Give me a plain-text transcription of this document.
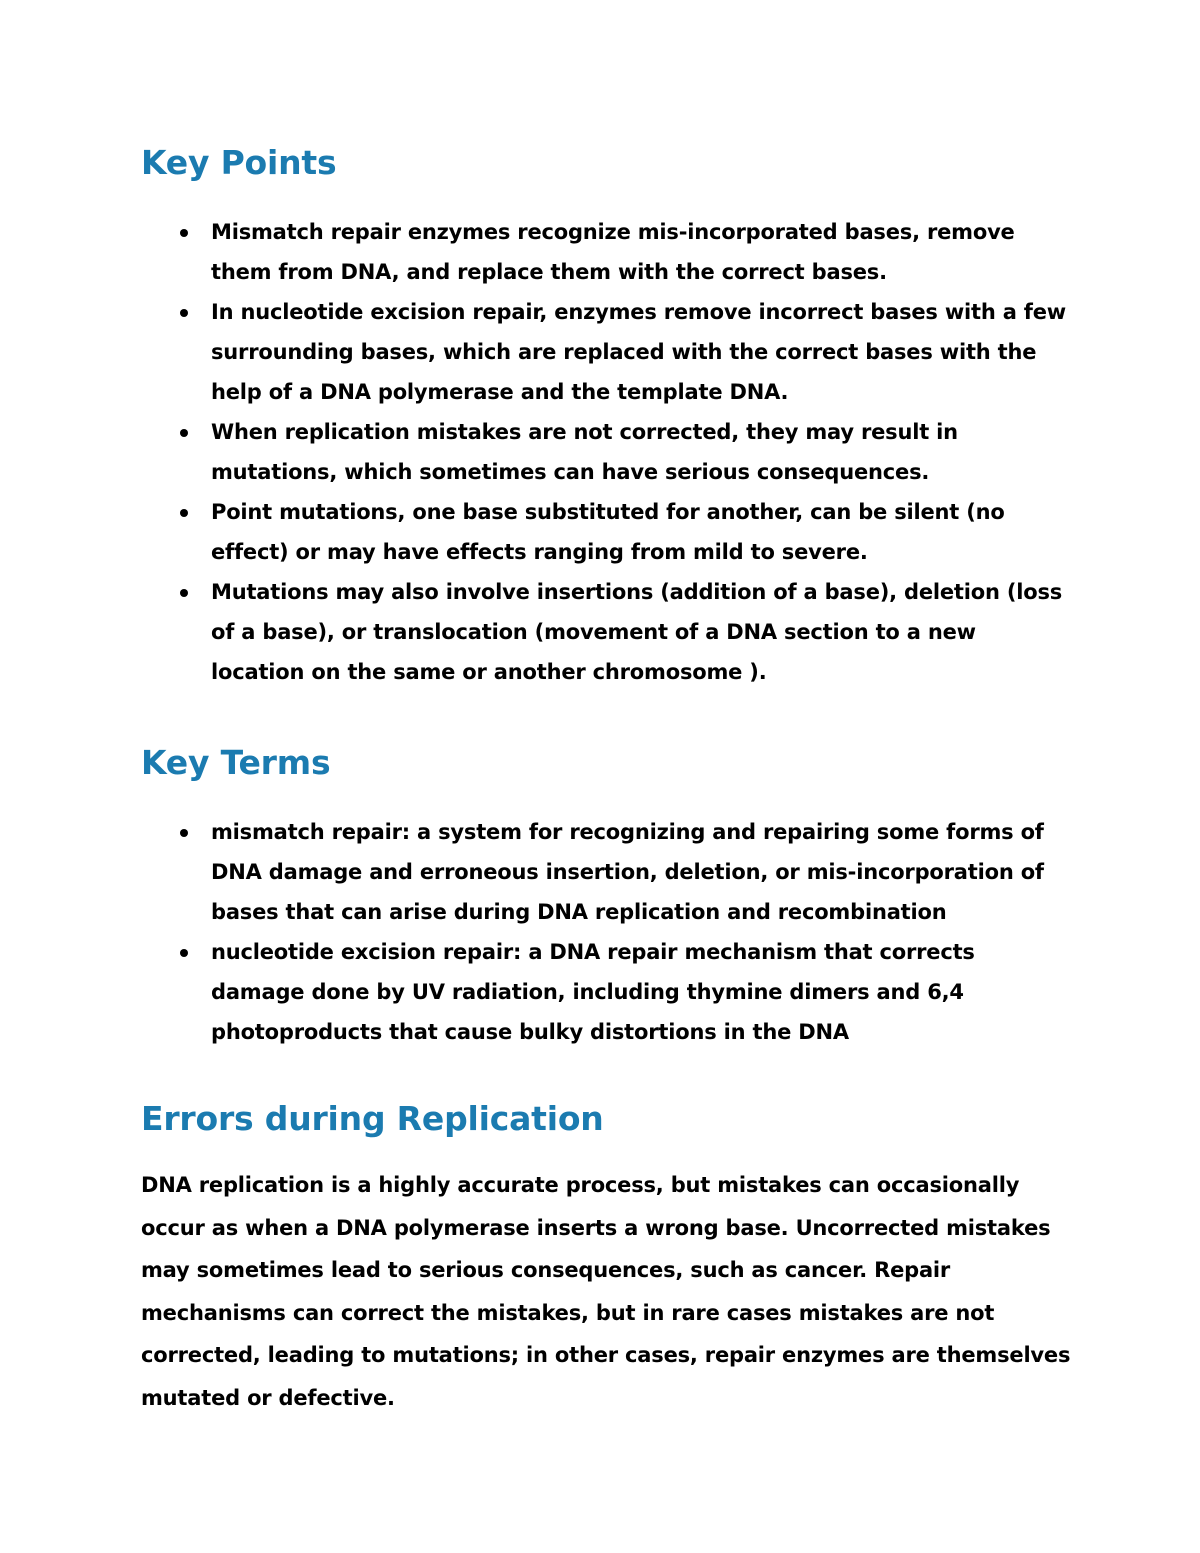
Key Points
Mismatch repair enzymes recognize mis-incorporated bases, remove them from DNA, and replace them with the correct bases.
In nucleotide excision repair, enzymes remove incorrect bases with a few surrounding bases, which are replaced with the correct bases with the help of a DNA polymerase and the template DNA.
When replication mistakes are not corrected, they may result in mutations, which sometimes can have serious consequences.
Point mutations, one base substituted for another, can be silent (no effect) or may have effects ranging from mild to severe.
Mutations may also involve insertions (addition of a base), deletion (loss of a base), or translocation (movement of a DNA section to a new location on the same or another chromosome ).
Key Terms
mismatch repair: a system for recognizing and repairing some forms of DNA damage and erroneous insertion, deletion, or mis-incorporation of bases that can arise during DNA replication and recombination
nucleotide excision repair: a DNA repair mechanism that corrects damage done by UV radiation, including thymine dimers and 6,4 photoproducts that cause bulky distortions in the DNA
Errors during Replication

DNA replication is a highly accurate process, but mistakes can occasionally occur as when a DNA polymerase inserts a wrong base. Uncorrected mistakes may sometimes lead to serious consequences, such as cancer. Repair mechanisms can correct the mistakes, but in rare cases mistakes are not corrected, leading to mutations; in other cases, repair enzymes are themselves mutated or defective.
